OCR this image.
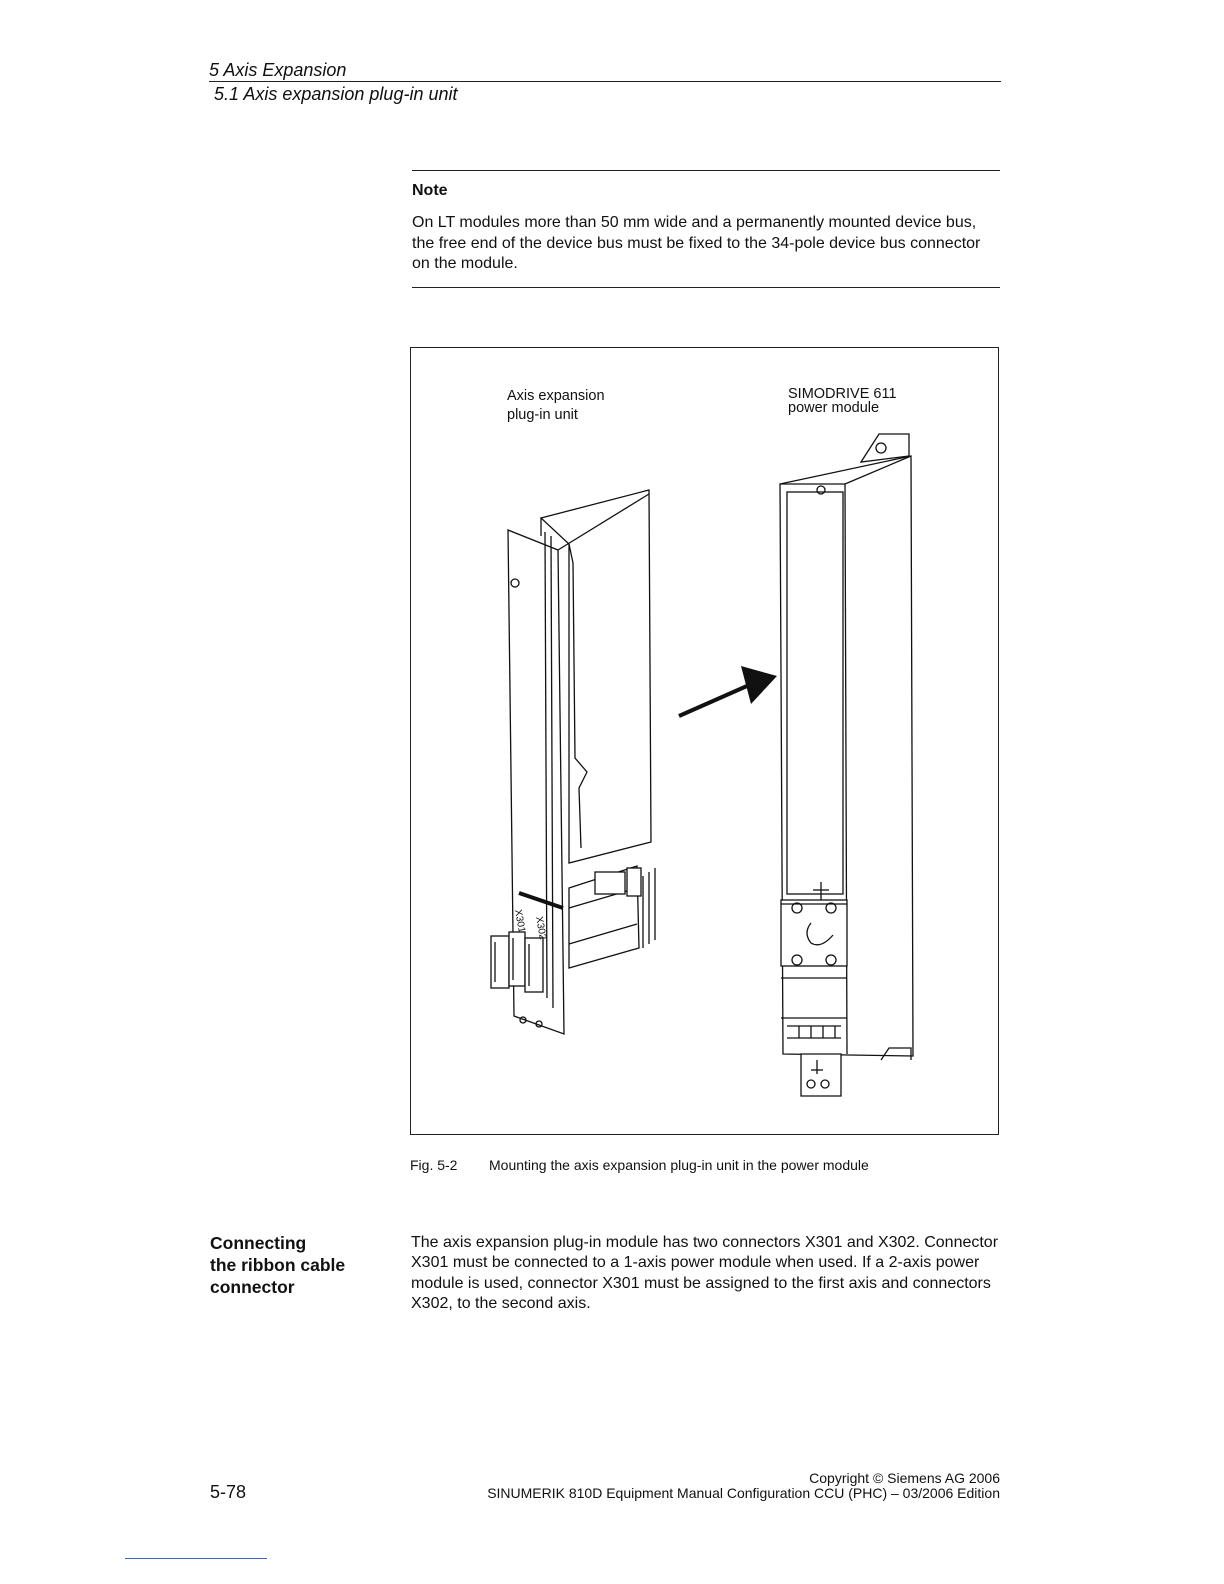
5 Axis Expansion
5.1 Axis expansion plug-in unit
Note
On LT modules more than 50 mm wide and a permanently mounted device bus, the free end of the device bus must be fixed to the 34-pole device bus connector on the module.
Axis expansion
plug-in unit
SIMODRIVE 611
power module
X301 X302
Fig. 5-2 Mounting the axis expansion plug-in unit in the power module
Connecting
the ribbon cable
connector
The axis expansion plug-in module has two connectors X301 and X302. Connector X301 must be connected to a 1-axis power module when used. If a 2-axis power module is used, connector X301 must be assigned to the first axis and connectors X302, to the second axis.
5-78
Copyright © Siemens AG 2006
SINUMERIK 810D Equipment Manual Configuration CCU (PHC) – 03/2006 Edition
